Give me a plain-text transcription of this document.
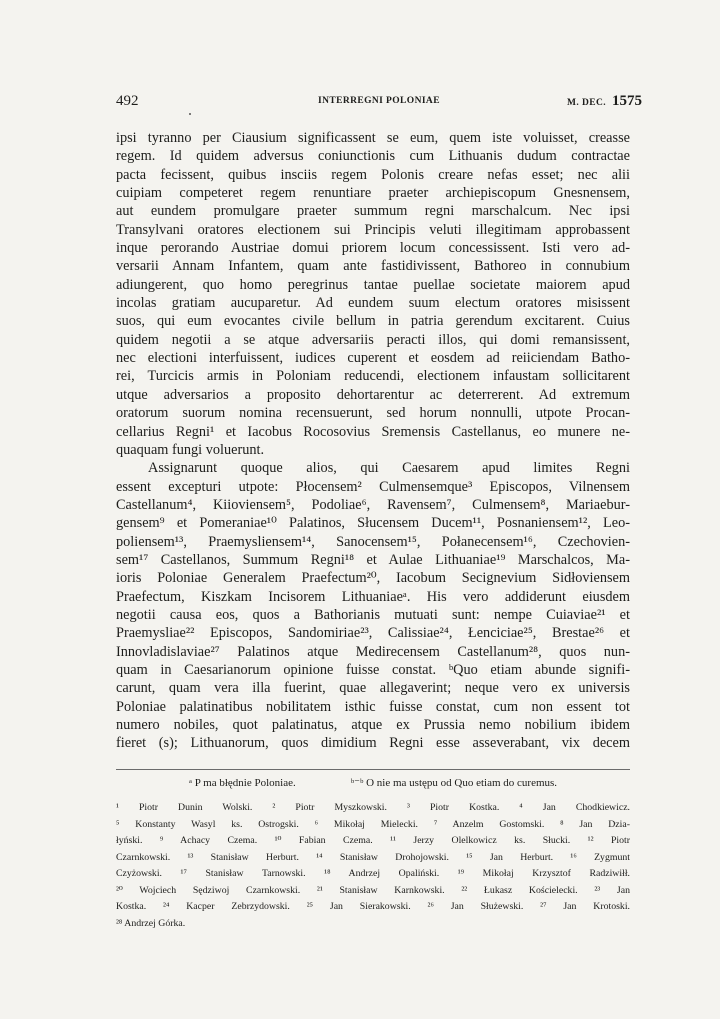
492	INTERREGNI POLONIAE	M. DEC. 1575
ipsi tyranno per Ciausium significassent se eum, quem iste voluisset, creasse
regem. Id quidem adversus coniunctionis cum Lithuanis dudum contractae
pacta fecissent, quibus insciis regem Polonis creare nefas esset; nec alii
cuipiam competeret regem renuntiare praeter archiepiscopum Gnesnensem,
aut eundem promulgare praeter summum regni marschalcum. Nec ipsi
Transylvani oratores electionem sui Principis veluti illegitimam approbassent
inque perorando Austriae domui priorem locum concessissent. Isti vero ad-
versarii Annam Infantem, quam ante fastidivissent, Bathoreo in connubium
adiungerent, quo homo peregrinus tantae puellae societate maiorem apud
incolas gratiam aucuparetur. Ad eundem suum electum oratores misissent
suos, qui eum evocantes civile bellum in patria gerendum excitarent. Cuius
quidem negotii a se atque adversariis peracti illos, qui domi remansissent,
nec electioni interfuissent, iudices cuperent et eosdem ad reiiciendam Batho-
rei, Turcicis armis in Poloniam reducendi, electionem infaustam sollicitarent
utque adversarios a proposito dehortarentur ac deterrerent. Ad extremum
oratorum suorum nomina recensuerunt, sed horum nonnulli, utpote Procan-
cellarius Regni¹ et Iacobus Rocosovius Sremensis Castellanus, eo munere ne-
quaquam fungi voluerunt.
Assignarunt quoque alios, qui Caesarem apud limites Regni
essent excepturi utpote: Płocensem² Culmensemque³ Episcopos, Vilnensem
Castellanum⁴, Kiioviensem⁵, Podoliae⁶, Ravensem⁷, Culmensem⁸, Mariaebur-
gensem⁹ et Pomeraniae¹⁰ Palatinos, Słucensem Ducem¹¹, Posnaniensem¹², Leo-
poliensem¹³, Praemysliensem¹⁴, Sanocensem¹⁵, Połanecensem¹⁶, Czechovien-
sem¹⁷ Castellanos, Summum Regni¹⁸ et Aulae Lithuaniae¹⁹ Marschalcos, Ma-
ioris Poloniae Generalem Praefectum²⁰, Iacobum Secignevium Sidłoviensem
Praefectum, Kiszkam Incisorem Lithuaniaeᵃ. His vero addiderunt eiusdem
negotii causa eos, quos a Bathorianis mutuati sunt: nempe Cuiaviae²¹ et
Praemysliae²² Episcopos, Sandomiriae²³, Calissiae²⁴, Łenciciae²⁵, Brestae²⁶ et
Innovladislaviae²⁷ Palatinos atque Medirecensem Castellanum²⁸, quos nun-
quam in Caesarianorum opinione fuisse constat. ᵇQuo etiam abunde signifi-
carunt, quam vera illa fuerint, quae allegaverint; neque vero ex universis
Poloniae palatinatibus nobilitatem isthic fuisse constat, cum non essent tot
numero nobiles, quot palatinatus, atque ex Prussia nemo nobilium ibidem
fieret (s); Lithuanorum, quos dimidium Regni esse asseverabant, vix decem
ᵃ P ma błędnie Poloniae.	ᵇ⁻ᵇ O nie ma ustępu od Quo etiam do curemus.
¹ Piotr Dunin Wolski. ² Piotr Myszkowski. ³ Piotr Kostka. ⁴ Jan Chodkiewicz.
⁵ Konstanty Wasyl ks. Ostrogski. ⁶ Mikołaj Mielecki. ⁷ Anzelm Gostomski. ⁸ Jan Dzia-
łyński. ⁹ Achacy Czema. ¹⁰ Fabian Czema. ¹¹ Jerzy Olelkowicz ks. Słucki. ¹² Piotr
Czarnkowski. ¹³ Stanisław Herburt. ¹⁴ Stanisław Drohojowski. ¹⁵ Jan Herburt. ¹⁶ Zygmunt
Czyżowski. ¹⁷ Stanisław Tarnowski. ¹⁸ Andrzej Opaliński. ¹⁹ Mikołaj Krzysztof Radziwiłł.
²⁰ Wojciech Sędziwoj Czarnkowski. ²¹ Stanisław Karnkowski. ²² Łukasz Kościelecki. ²³ Jan
Kostka. ²⁴ Kacper Zebrzydowski. ²⁵ Jan Sierakowski. ²⁶ Jan Służewski. ²⁷ Jan Krotoski.
²⁸ Andrzej Górka.
